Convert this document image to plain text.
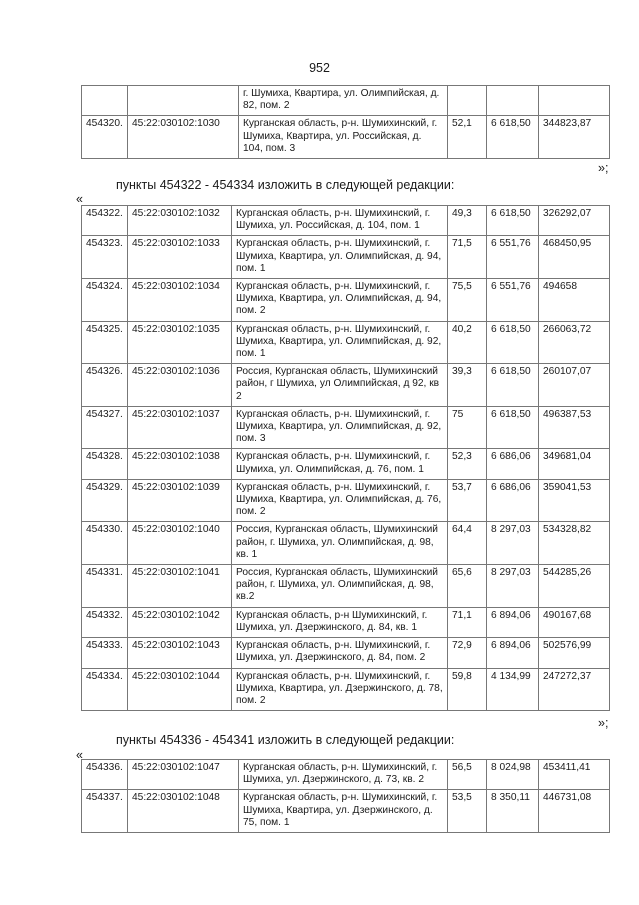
952
		г. Шумиха, Квартира, ул. Олимпийская, д. 82, пом. 2			
454320.	45:22:030102:1030	Курганская область, р-н. Шумихинский, г. Шумиха, Квартира, ул. Российская, д. 104, пом. 3	52,1	6 618,50	344823,87
»;
пункты 454322 - 454334 изложить в следующей редакции:
«
454322.	45:22:030102:1032	Курганская область, р-н. Шумихинский, г. Шумиха, ул. Российская, д. 104, пом. 1	49,3	6 618,50	326292,07
454323.	45:22:030102:1033	Курганская область, р-н. Шумихинский, г. Шумиха, Квартира, ул. Олимпийская, д. 94, пом. 1	71,5	6 551,76	468450,95
454324.	45:22:030102:1034	Курганская область, р-н. Шумихинский, г. Шумиха, Квартира, ул. Олимпийская, д. 94, пом. 2	75,5	6 551,76	494658
454325.	45:22:030102:1035	Курганская область, р-н. Шумихинский, г. Шумиха, Квартира, ул. Олимпийская, д. 92, пом. 1	40,2	6 618,50	266063,72
454326.	45:22:030102:1036	Россия, Курганская область, Шумихинский район, г Шумиха, ул Олимпийская, д 92, кв 2	39,3	6 618,50	260107,07
454327.	45:22:030102:1037	Курганская область, р-н. Шумихинский, г. Шумиха, Квартира, ул. Олимпийская, д. 92, пом. 3	75	6 618,50	496387,53
454328.	45:22:030102:1038	Курганская область, р-н. Шумихинский, г. Шумиха, ул. Олимпийская, д. 76, пом. 1	52,3	6 686,06	349681,04
454329.	45:22:030102:1039	Курганская область, р-н. Шумихинский, г. Шумиха, Квартира, ул. Олимпийская, д. 76, пом. 2	53,7	6 686,06	359041,53
454330.	45:22:030102:1040	Россия, Курганская область, Шумихинский район, г. Шумиха, ул. Олимпийская, д. 98, кв. 1	64,4	8 297,03	534328,82
454331.	45:22:030102:1041	Россия, Курганская область, Шумихинский район, г. Шумиха, ул. Олимпийская, д. 98, кв.2	65,6	8 297,03	544285,26
454332.	45:22:030102:1042	Курганская область, р-н Шумихинский, г. Шумиха, ул. Дзержинского, д. 84, кв. 1	71,1	6 894,06	490167,68
454333.	45:22:030102:1043	Курганская область, р-н. Шумихинский, г. Шумиха, ул. Дзержинского, д. 84, пом. 2	72,9	6 894,06	502576,99
454334.	45:22:030102:1044	Курганская область, р-н. Шумихинский, г. Шумиха, Квартира, ул. Дзержинского, д. 78, пом. 2	59,8	4 134,99	247272,37
»;
пункты 454336 - 454341 изложить в следующей редакции:
«
454336.	45:22:030102:1047	Курганская область, р-н. Шумихинский, г. Шумиха, ул. Дзержинского, д. 73, кв. 2	56,5	8 024,98	453411,41
454337.	45:22:030102:1048	Курганская область, р-н. Шумихинский, г. Шумиха, Квартира, ул. Дзержинского, д. 75, пом. 1	53,5	8 350,11	446731,08
